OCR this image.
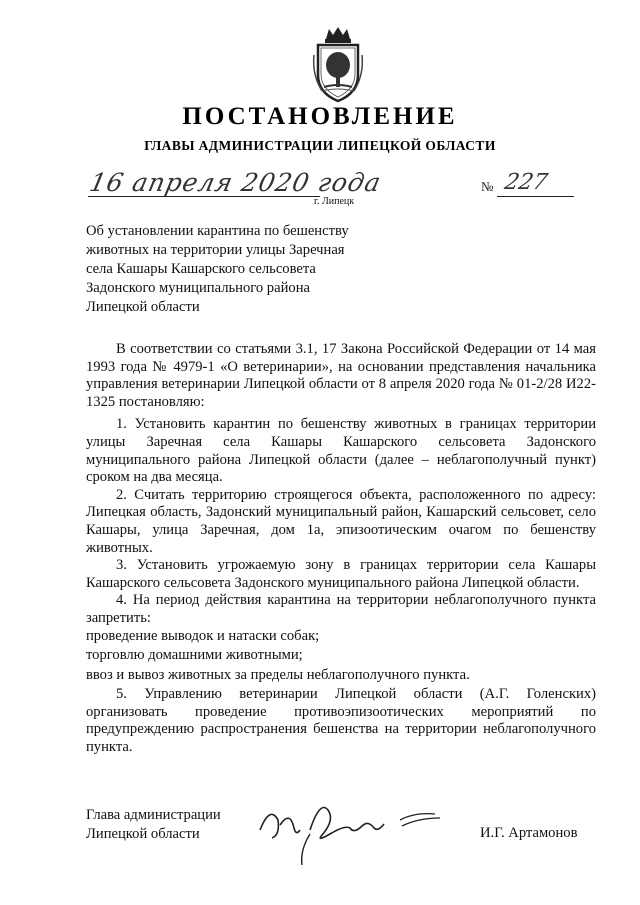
ПОСТАНОВЛЕНИЕ
ГЛАВЫ АДМИНИСТРАЦИИ ЛИПЕЦКОЙ ОБЛАСТИ
16 апреля 2020 года
г. Липецк
№ 227
Об установлении карантина по бешенству
животных на территории улицы Заречная
села Кашары Кашарского сельсовета
Задонского муниципального района
Липецкой области

В соответствии со статьями 3.1, 17 Закона Российской Федерации от 14 мая 1993 года № 4979-1 «О ветеринарии», на основании представления начальника управления ветеринарии Липецкой области от 8 апреля 2020 года № 01-2/28 И22-1325 постановляю:

1. Установить карантин по бешенству животных в границах территории улицы Заречная села Кашары Кашарского сельсовета Задонского муниципального района Липецкой области (далее – неблагополучный пункт) сроком на два месяца.

2. Считать территорию строящегося объекта, расположенного по адресу: Липецкая область, Задонский муниципальный район, Кашарский сельсовет, село Кашары, улица Заречная, дом 1а, эпизоотическим очагом по бешенству животных.

3. Установить угрожаемую зону в границах территории села Кашары Кашарского сельсовета Задонского муниципального района Липецкой области.

4. На период действия карантина на территории неблагополучного пункта запретить:

проведение выводок и натаски собак;

торговлю домашними животными;

ввоз и вывоз животных за пределы неблагополучного пункта.

5. Управлению ветеринарии Липецкой области (А.Г. Голенских) организовать проведение противоэпизоотических мероприятий по предупреждению распространения бешенства на территории неблагополучного пункта.

Глава администрации
Липецкой области	И.Г. Артамонов
